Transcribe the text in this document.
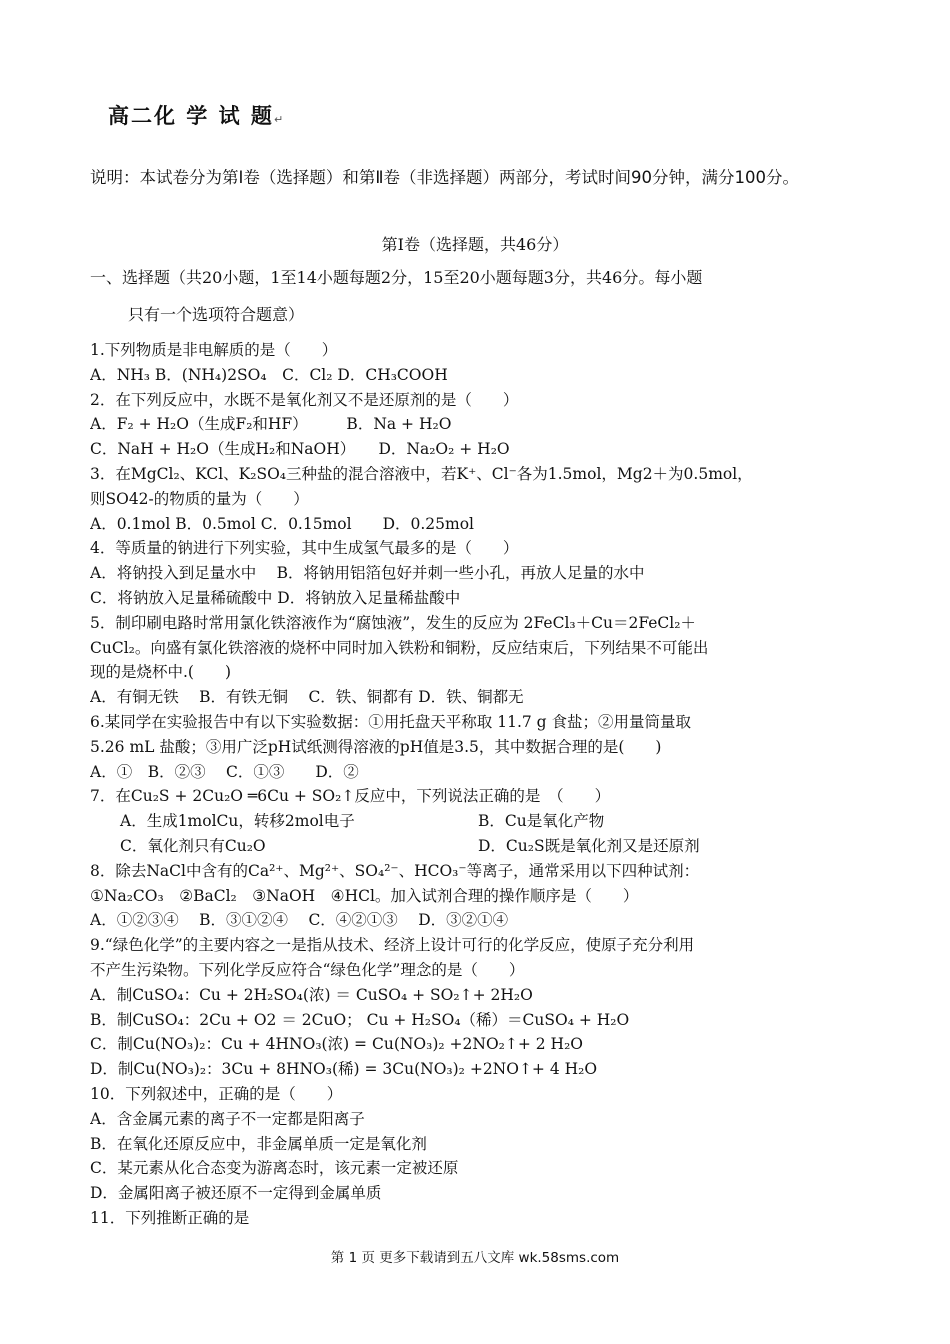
高二化 学 试 题↵
说明：本试卷分为第Ⅰ卷（选择题）和第Ⅱ卷（非选择题）两部分，考试时间90分钟，满分100分。
第Ⅰ卷（选择题，共46分）
一、选择题（共20小题，1至14小题每题2分，15至20小题每题3分，共46分。每小题
只有一个选项符合题意）
1.下列物质是非电解质的是（　　）
A．NH₃ B．(NH₄)2SO₄　C．Cl₂ D．CH₃COOH
2．在下列反应中，水既不是氧化剂又不是还原剂的是（　　）
A．F₂ + H₂O（生成F₂和HF）　　　B．Na + H₂O
C．NaH + H₂O（生成H₂和NaOH）　　D．Na₂O₂ + H₂O
3．在MgCl₂、KCl、K₂SO₄三种盐的混合溶液中，若K⁺、Cl⁻各为1.5mol，Mg2＋为0.5mol，
则SO42-的物质的量为（　　）
A．0.1mol B．0.5mol C．0.15mol　　D．0.25mol
4．等质量的钠进行下列实验，其中生成氢气最多的是（　　）
A．将钠投入到足量水中　 B．将钠用铝箔包好并刺一些小孔，再放人足量的水中
C．将钠放入足量稀硫酸中 D．将钠放入足量稀盐酸中
5．制印刷电路时常用氯化铁溶液作为“腐蚀液”，发生的反应为 2FeCl₃＋Cu＝2FeCl₂＋
CuCl₂。向盛有氯化铁溶液的烧杯中同时加入铁粉和铜粉，反应结束后，下列结果不可能出
现的是烧杯中.(　　)
A．有铜无铁　 B．有铁无铜　 C．铁、铜都有 D．铁、铜都无
6.某同学在实验报告中有以下实验数据：①用托盘天平称取 11.7 g 食盐；②用量筒量取
5.26 mL 盐酸；③用广泛pH试纸测得溶液的pH值是3.5，其中数据合理的是(　　)
A．①　B．②③　 C．①③　　D．②
7．在Cu₂S + 2Cu₂O ═6Cu + SO₂↑反应中，下列说法正确的是　（　　）
A．生成1molCu，转移2mol电子	B．Cu是氧化产物
C．氧化剂只有Cu₂O	D．Cu₂S既是氧化剂又是还原剂
8．除去NaCl中含有的Ca²⁺、Mg²⁺、SO₄²⁻、HCO₃⁻等离子，通常采用以下四种试剂：
①Na₂CO₃　②BaCl₂　③NaOH　④HCl。加入试剂合理的操作顺序是（　　）
A．①②③④　 B．③①②④　 C．④②①③　 D．③②①④
9.“绿色化学”的主要内容之一是指从技术、经济上设计可行的化学反应，使原子充分利用
不产生污染物。下列化学反应符合“绿色化学”理念的是（　　）
A．制CuSO₄：Cu + 2H₂SO₄(浓) ＝ CuSO₄ + SO₂↑+ 2H₂O
B．制CuSO₄：2Cu + O2 ＝ 2CuO； Cu + H₂SO₄（稀）＝CuSO₄ + H₂O
C．制Cu(NO₃)₂：Cu + 4HNO₃(浓) = Cu(NO₃)₂ +2NO₂↑+ 2 H₂O
D．制Cu(NO₃)₂：3Cu + 8HNO₃(稀) = 3Cu(NO₃)₂ +2NO↑+ 4 H₂O
10．下列叙述中，正确的是（　　）
A．含金属元素的离子不一定都是阳离子
B．在氧化还原反应中，非金属单质一定是氧化剂
C．某元素从化合态变为游离态时，该元素一定被还原
D．金属阳离子被还原不一定得到金属单质
11．下列推断正确的是
第 1 页 更多下载请到五八文库 wk.58sms.com
